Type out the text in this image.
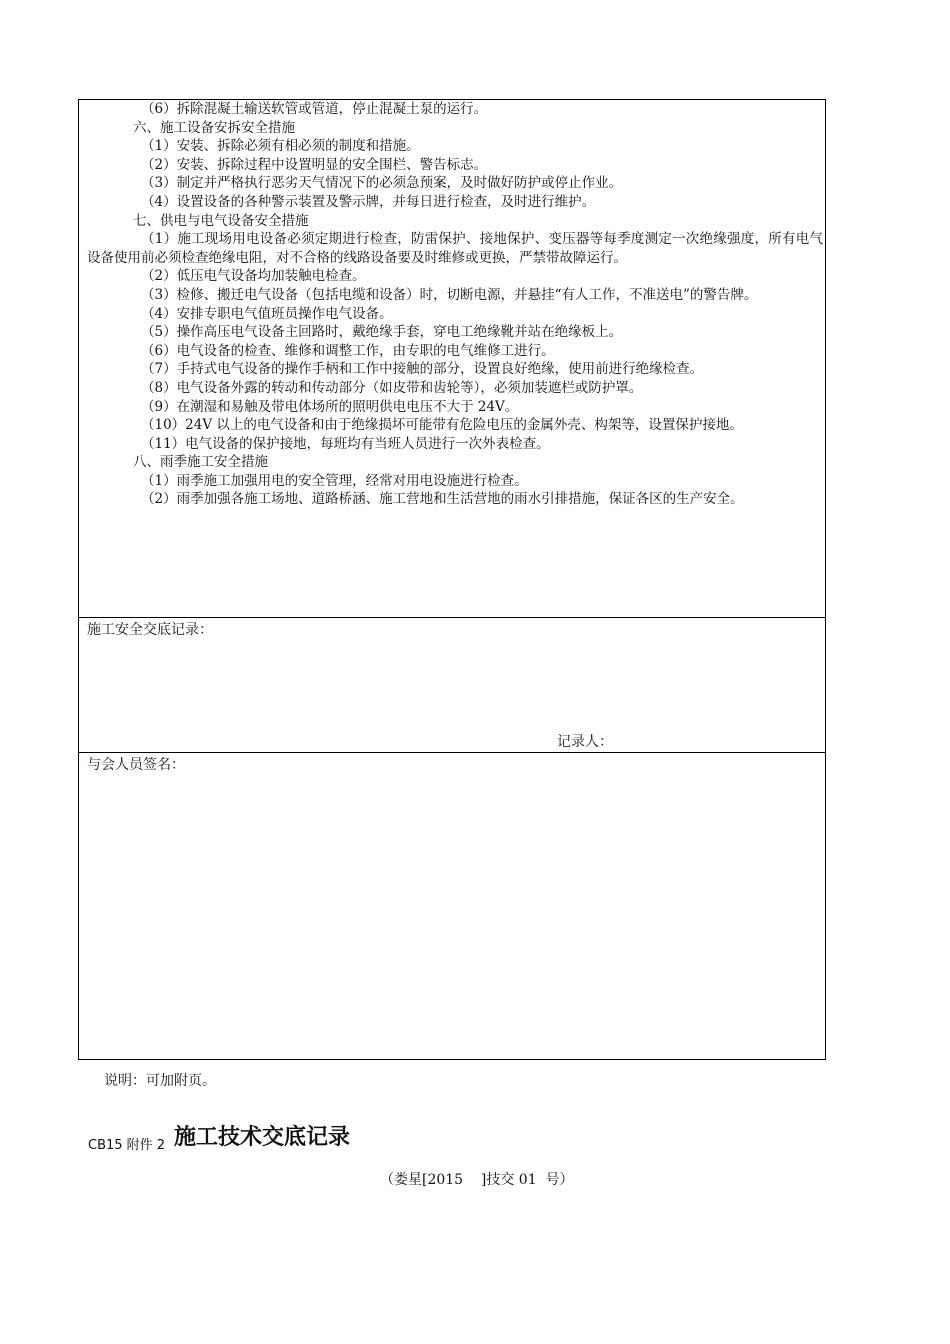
（6）拆除混凝土输送软管或管道，停止混凝土泵的运行。
六、施工设备安拆安全措施
（1）安装、拆除必须有相必须的制度和措施。
（2）安装、拆除过程中设置明显的安全围栏、警告标志。
（3）制定并严格执行恶劣天气情况下的必须急预案，及时做好防护或停止作业。
（4）设置设备的各种警示装置及警示牌，并每日进行检查，及时进行维护。
七、供电与电气设备安全措施
（1）施工现场用电设备必须定期进行检查，防雷保护、接地保护、变压器等每季度测定一次绝缘强度，所有电气设备使用前必须检查绝缘电阻，对不合格的线路设备要及时维修或更换，严禁带故障运行。
（2）低压电气设备均加装触电检查。
（3）检修、搬迁电气设备（包括电缆和设备）时，切断电源，并悬挂“有人工作，不准送电”的警告牌。
（4）安排专职电气值班员操作电气设备。
（5）操作高压电气设备主回路时，戴绝缘手套，穿电工绝缘靴并站在绝缘板上。
（6）电气设备的检查、维修和调整工作，由专职的电气维修工进行。
（7）手持式电气设备的操作手柄和工作中接触的部分，设置良好绝缘，使用前进行绝缘检查。
（8）电气设备外露的转动和传动部分（如皮带和齿轮等），必须加装遮栏或防护罩。
（9）在潮湿和易触及带电体场所的照明供电电压不大于 24V。
（10）24V 以上的电气设备和由于绝缘损坏可能带有危险电压的金属外壳、构架等，设置保护接地。
（11）电气设备的保护接地，每班均有当班人员进行一次外表检查。
八、雨季施工安全措施
（1）雨季施工加强用电的安全管理，经常对用电设施进行检查。
（2）雨季加强各施工场地、道路桥涵、施工营地和生活营地的雨水引排措施，保证各区的生产安全。
施工安全交底记录：
记录人：
与会人员签名：
说明：可加附页。
CB15 附件 2 施工技术交底记录
（娄星[2015    ]技交 01  号）
